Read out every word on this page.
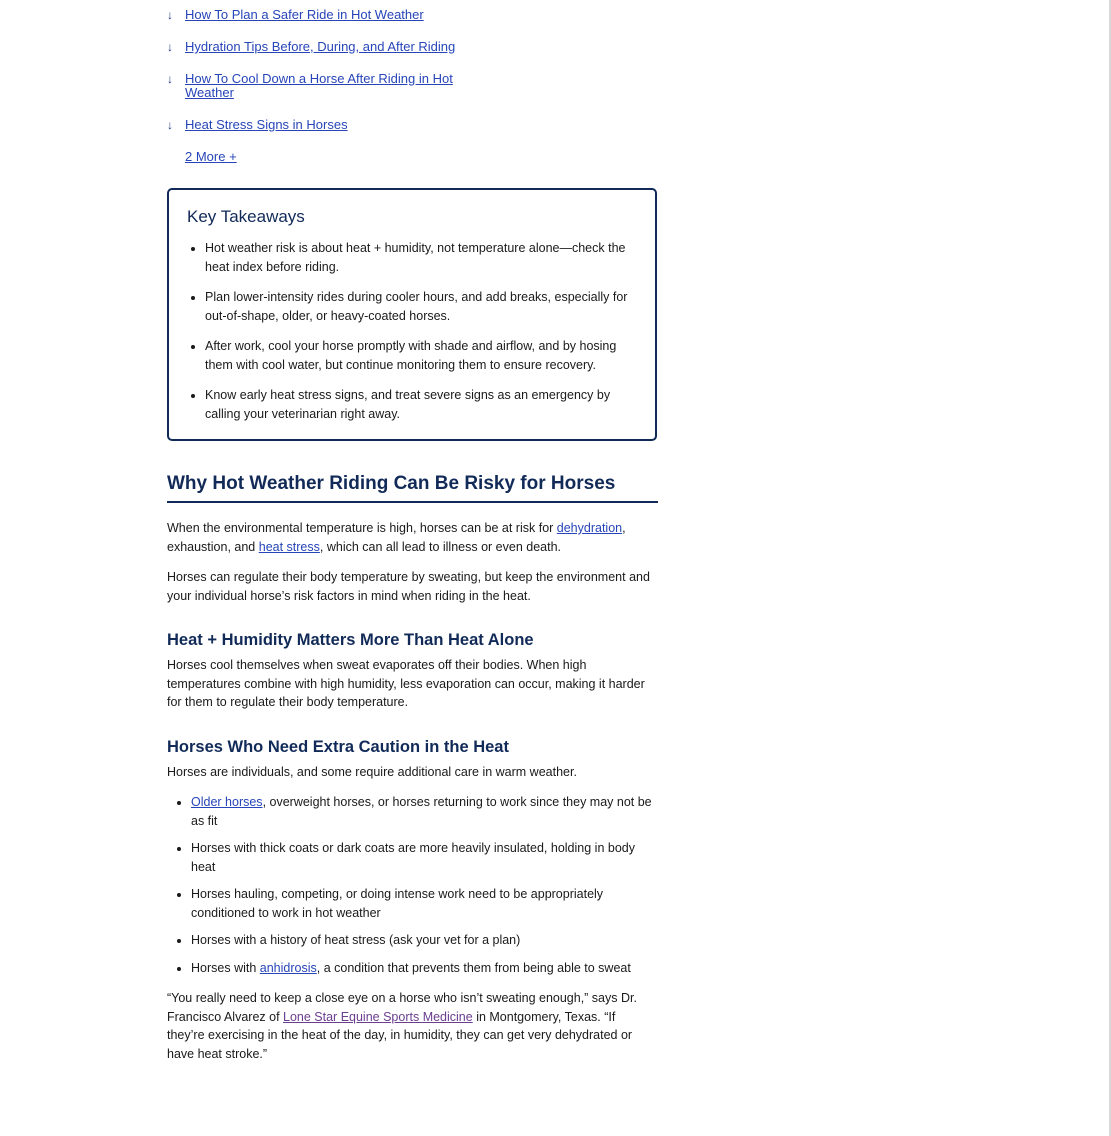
↓ How To Plan a Safer Ride in Hot Weather
↓ Hydration Tips Before, During, and After Riding
↓ How To Cool Down a Horse After Riding in Hot Weather
↓ Heat Stress Signs in Horses
2 More +
Key Takeaways
• Hot weather risk is about heat + humidity, not temperature alone—check the heat index before riding.
• Plan lower-intensity rides during cooler hours, and add breaks, especially for out-of-shape, older, or heavy-coated horses.
• After work, cool your horse promptly with shade and airflow, and by hosing them with cool water, but continue monitoring them to ensure recovery.
• Know early heat stress signs, and treat severe signs as an emergency by calling your veterinarian right away.
Why Hot Weather Riding Can Be Risky for Horses

When the environmental temperature is high, horses can be at risk for dehydration, exhaustion, and heat stress, which can all lead to illness or even death.

Horses can regulate their body temperature by sweating, but keep the environment and your individual horse’s risk factors in mind when riding in the heat.

Heat + Humidity Matters More Than Heat Alone

Horses cool themselves when sweat evaporates off their bodies. When high temperatures combine with high humidity, less evaporation can occur, making it harder for them to regulate their body temperature.

Horses Who Need Extra Caution in the Heat

Horses are individuals, and some require additional care in warm weather.

• Older horses, overweight horses, or horses returning to work since they may not be as fit
• Horses with thick coats or dark coats are more heavily insulated, holding in body heat
• Horses hauling, competing, or doing intense work need to be appropriately conditioned to work in hot weather
• Horses with a history of heat stress (ask your vet for a plan)
• Horses with anhidrosis, a condition that prevents them from being able to sweat

“You really need to keep a close eye on a horse who isn’t sweating enough,” says Dr. Francisco Alvarez of Lone Star Equine Sports Medicine in Montgomery, Texas. “If they’re exercising in the heat of the day, in humidity, they can get very dehydrated or have heat stroke.”
